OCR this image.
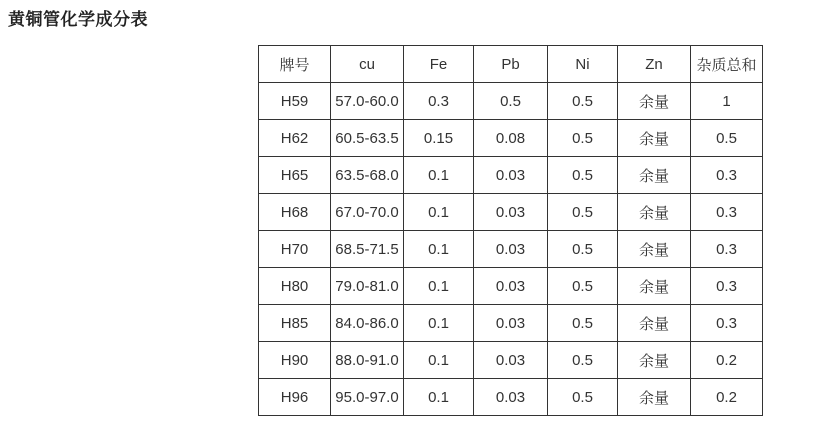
黄铜管化学成分表
牌号	cu	Fe	Pb	Ni	Zn	杂质总和
H59	57.0-60.0	0.3	0.5	0.5	余量	1
H62	60.5-63.5	0.15	0.08	0.5	余量	0.5
H65	63.5-68.0	0.1	0.03	0.5	余量	0.3
H68	67.0-70.0	0.1	0.03	0.5	余量	0.3
H70	68.5-71.5	0.1	0.03	0.5	余量	0.3
H80	79.0-81.0	0.1	0.03	0.5	余量	0.3
H85	84.0-86.0	0.1	0.03	0.5	余量	0.3
H90	88.0-91.0	0.1	0.03	0.5	余量	0.2
H96	95.0-97.0	0.1	0.03	0.5	余量	0.2
